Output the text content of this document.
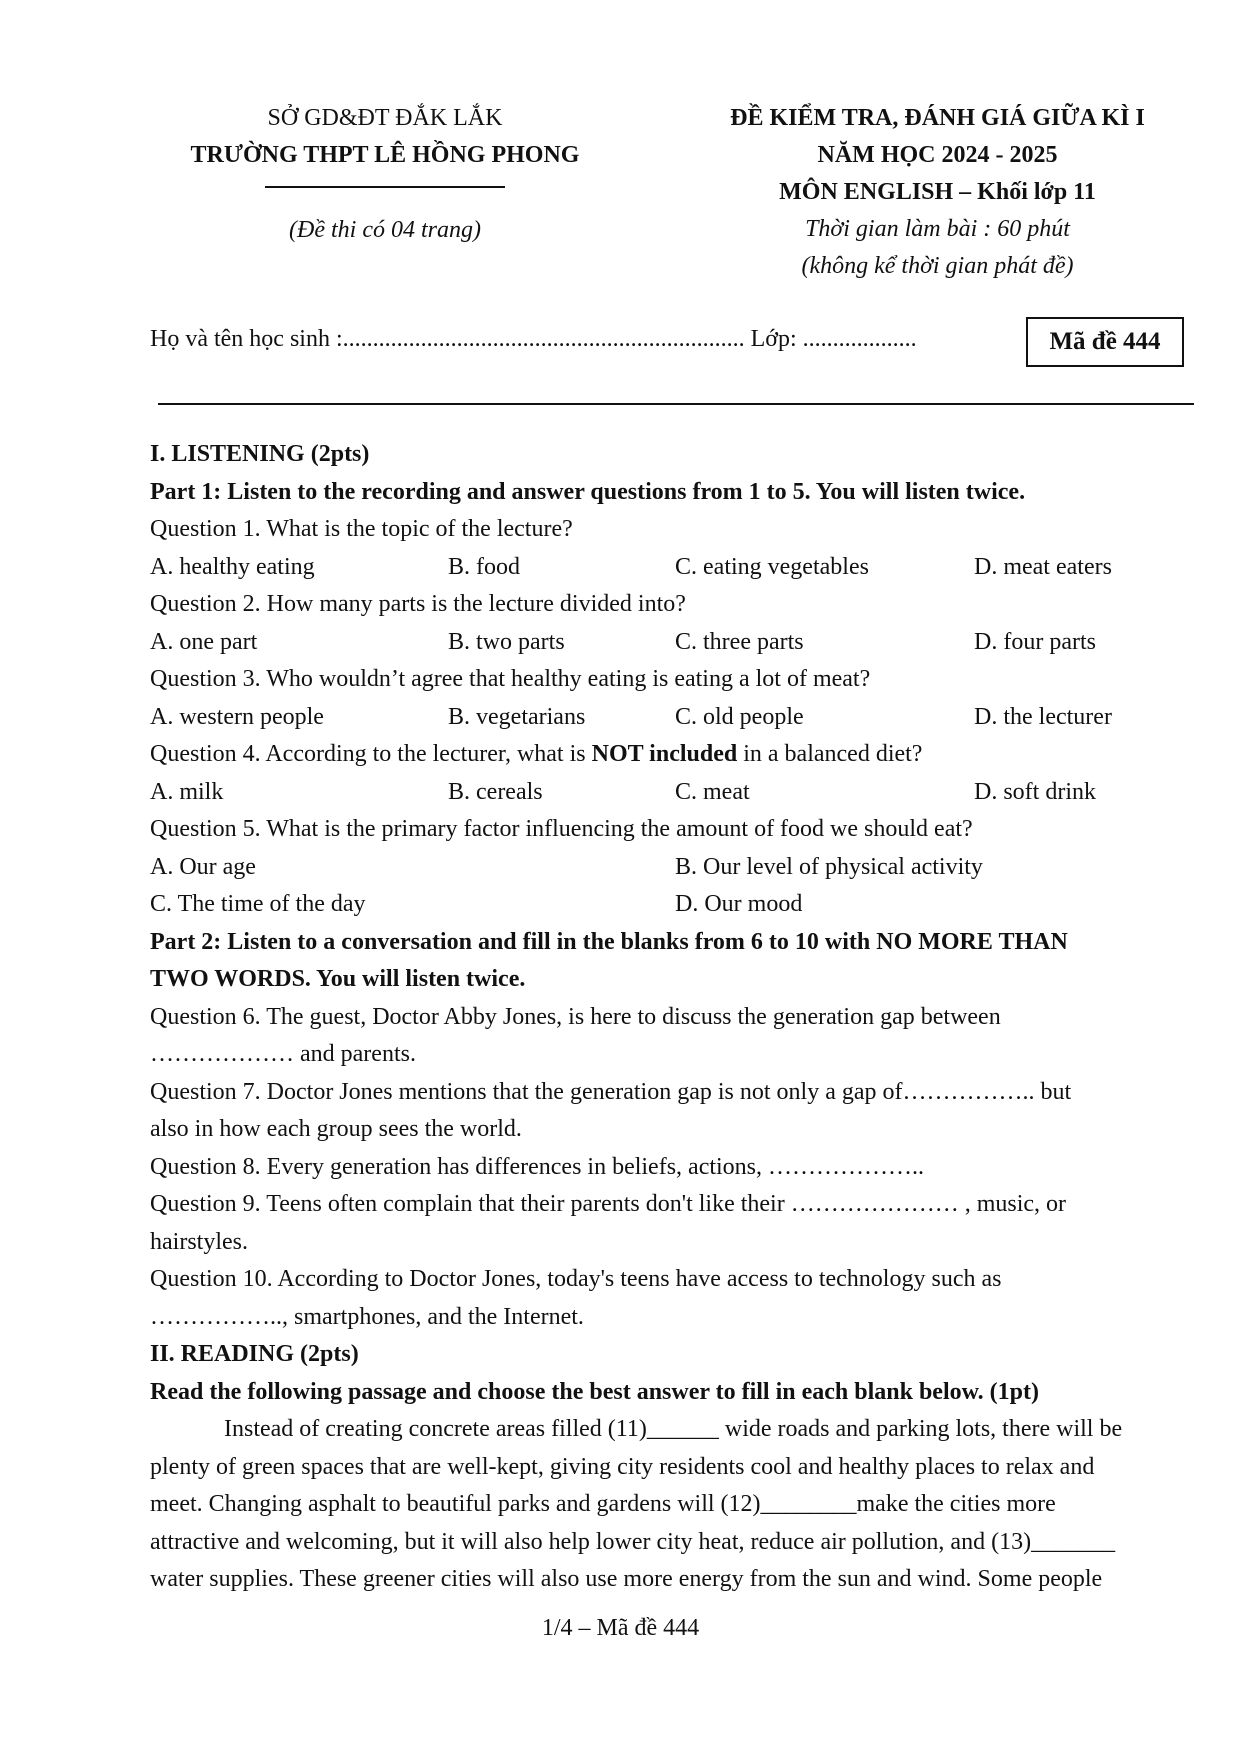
SỞ GD&ĐT ĐẮK LẮK
TRƯỜNG THPT LÊ HỒNG PHONG
(Đề thi có 04 trang)
ĐỀ KIỂM TRA, ĐÁNH GIÁ GIỮA KÌ I
NĂM HỌC 2024 - 2025
MÔN ENGLISH – Khối lớp 11
Thời gian làm bài : 60 phút
(không kể thời gian phát đề)
Họ và tên học sinh :................................................................... Lớp: ...................	Mã đề 444
I. LISTENING (2pts)
Part 1: Listen to the recording and answer questions from 1 to 5. You will listen twice.
Question 1. What is the topic of the lecture?
A. healthy eating	B. food	C. eating vegetables	D. meat eaters
Question 2. How many parts is the lecture divided into?
A. one part	B. two parts	C. three parts	D. four parts
Question 3. Who wouldn’t agree that healthy eating is eating a lot of meat?
A. western people	B. vegetarians	C. old people	D. the lecturer
Question 4. According to the lecturer, what is NOT included in a balanced diet?
A. milk	B. cereals	C. meat	D. soft drink
Question 5. What is the primary factor influencing the amount of food we should eat?
A. Our age	B. Our level of physical activity
C. The time of the day	D. Our mood
Part 2: Listen to a conversation and fill in the blanks from 6 to 10 with NO MORE THAN
TWO WORDS. You will listen twice.
Question 6. The guest, Doctor Abby Jones, is here to discuss the generation gap between
……………… and parents.
Question 7. Doctor Jones mentions that the generation gap is not only a gap of…………….. but
also in how each group sees the world.
Question 8. Every generation has differences in beliefs, actions, ………………..
Question 9. Teens often complain that their parents don't like their ………………… , music, or
hairstyles.
Question 10. According to Doctor Jones, today's teens have access to technology such as
…………….., smartphones, and the Internet.
II. READING (2pts)
Read the following passage and choose the best answer to fill in each blank below. (1pt)
Instead of creating concrete areas filled (11)______ wide roads and parking lots, there will be
plenty of green spaces that are well-kept, giving city residents cool and healthy places to relax and
meet. Changing asphalt to beautiful parks and gardens will (12)________make the cities more
attractive and welcoming, but it will also help lower city heat, reduce air pollution, and (13)_______
water supplies. These greener cities will also use more energy from the sun and wind. Some people
1/4 – Mã đề 444
